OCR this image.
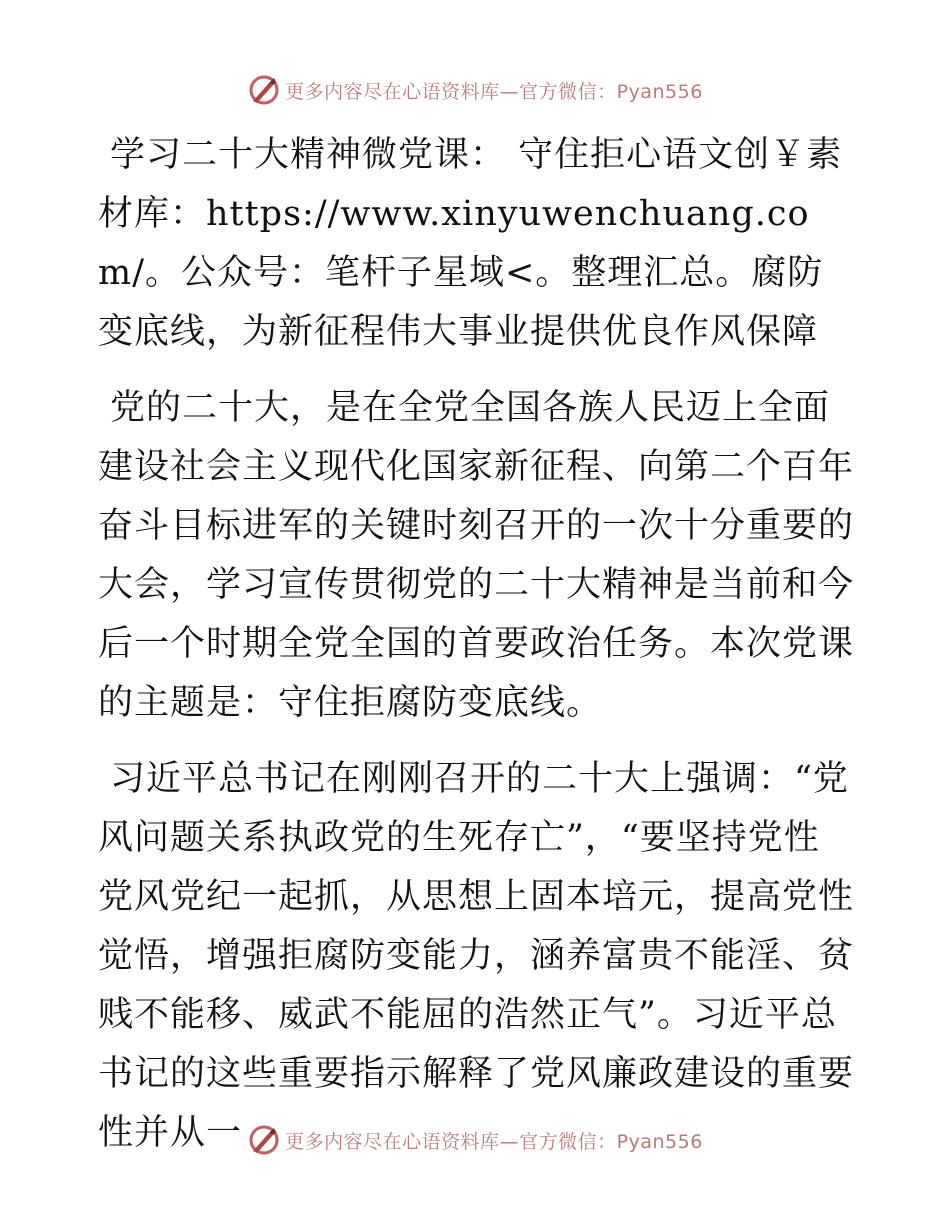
更多内容尽在心语资料库—官方微信：Pyan556

学习二十大精神微党课： 守住拒心语文创￥素材库：https://www.xinyuwenchuang.com/。公众号：笔杆子星域<。整理汇总。腐防变底线，为新征程伟大事业提供优良作风保障

党的二十大，是在全党全国各族人民迈上全面建设社会主义现代化国家新征程、向第二个百年奋斗目标进军的关键时刻召开的一次十分重要的大会，学习宣传贯彻党的二十大精神是当前和今后一个时期全党全国的首要政治任务。本次党课的主题是：守住拒腐防变底线。

习近平总书记在刚刚召开的二十大上强调：“党风问题关系执政党的生死存亡”，“要坚持党性党风党纪一起抓，从思想上固本培元，提高党性觉悟，增强拒腐防变能力，涵养富贵不能淫、贫贱不能移、威武不能屈的浩然正气”。习近平总书记的这些重要指示解释了党风廉政建设的重要性并从一	更多内容尽在心语资料库—官方微信：Pyan556
